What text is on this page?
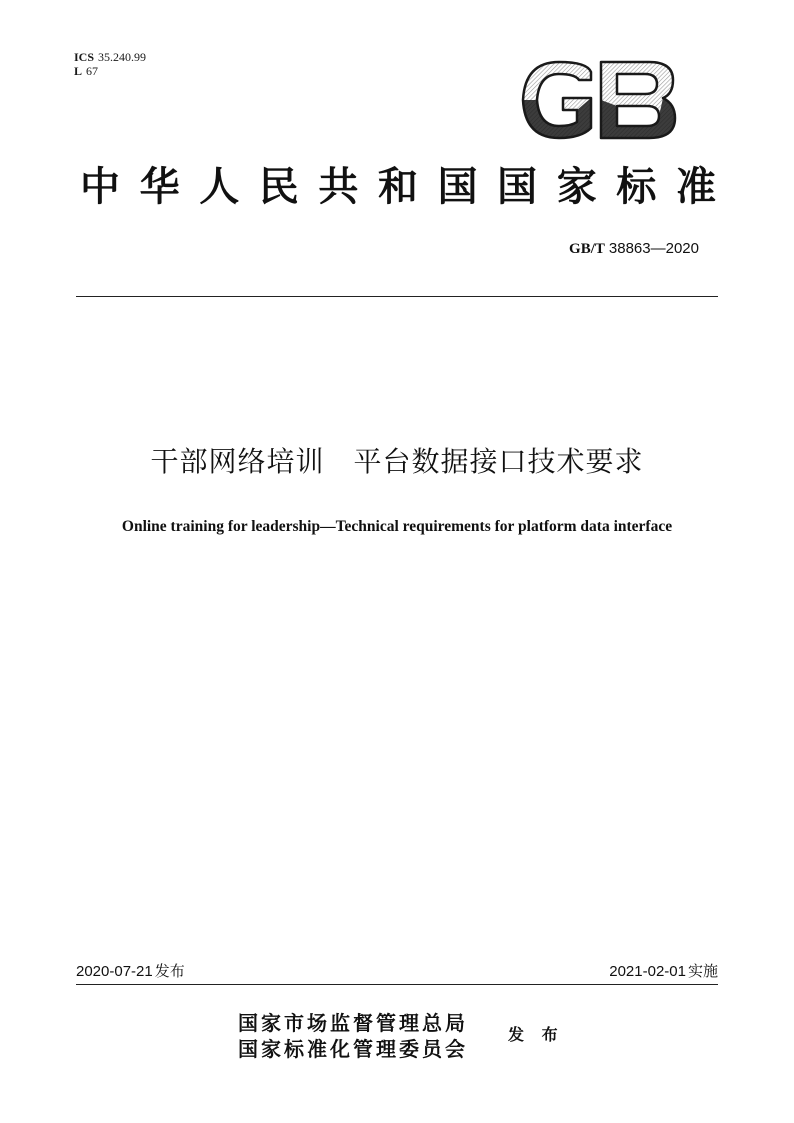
ICS 35.240.99
L 67
中 华 人 民 共 和 国 国 家 标 准
GB/T 38863—2020
干部网络培训　平台数据接口技术要求
Online training for leadership—Technical requirements for platform data interface
2020-07-21 发布	2021-02-01 实施
国家市场监督管理总局
国家标准化管理委员会
发 布
